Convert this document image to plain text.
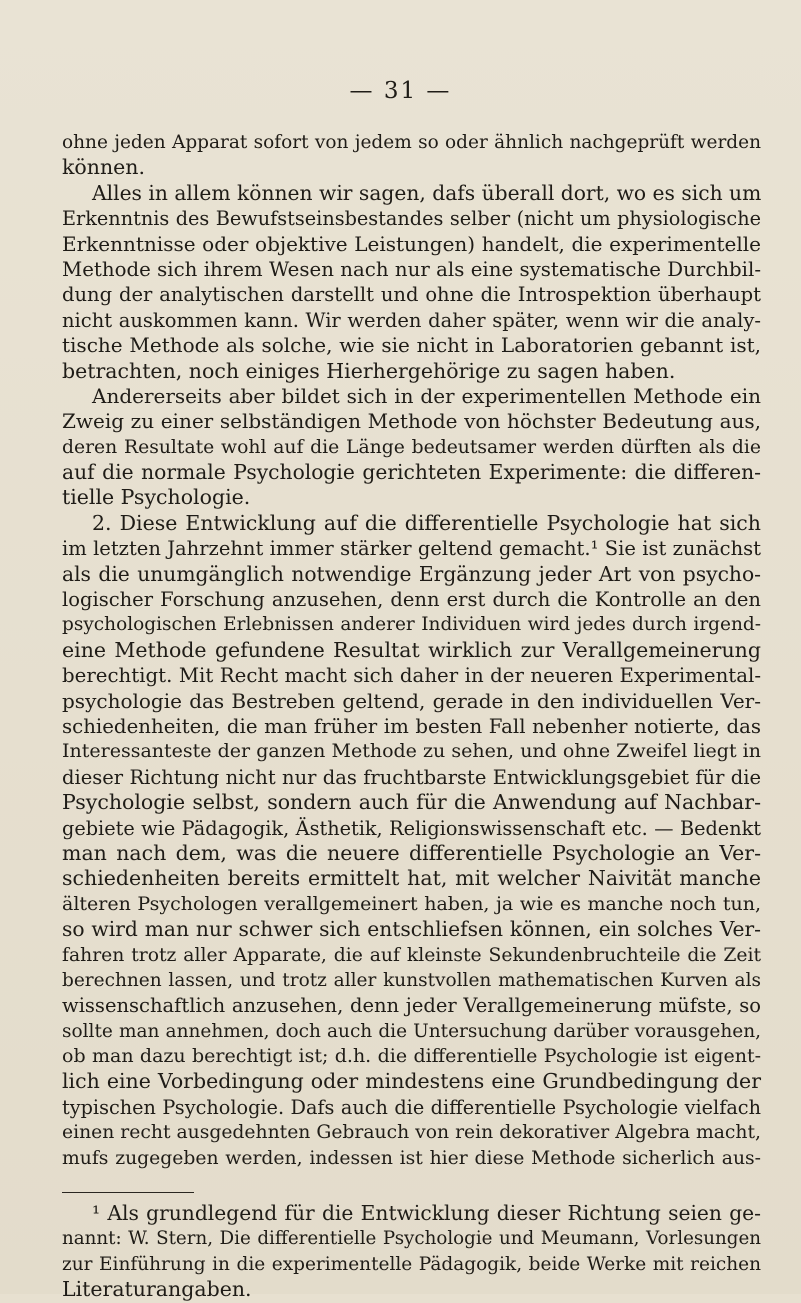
— 31 —
ohne jeden Apparat sofort von jedem so oder ähnlich nachgeprüft werden
können.
Alles in allem können wir sagen, dafs überall dort, wo es sich um
Erkenntnis des Bewufstseinsbestandes selber (nicht um physiologische
Erkenntnisse oder objektive Leistungen) handelt, die experimentelle
Methode sich ihrem Wesen nach nur als eine systematische Durchbil-
dung der analytischen darstellt und ohne die Introspektion überhaupt
nicht auskommen kann. Wir werden daher später, wenn wir die analy-
tische Methode als solche, wie sie nicht in Laboratorien gebannt ist,
betrachten, noch einiges Hierhergehörige zu sagen haben.
Andererseits aber bildet sich in der experimentellen Methode ein
Zweig zu einer selbständigen Methode von höchster Bedeutung aus,
deren Resultate wohl auf die Länge bedeutsamer werden dürften als die
auf die normale Psychologie gerichteten Experimente: die differen-
tielle Psychologie.
2. Diese Entwicklung auf die differentielle Psychologie hat sich
im letzten Jahrzehnt immer stärker geltend gemacht.¹ Sie ist zunächst
als die unumgänglich notwendige Ergänzung jeder Art von psycho-
logischer Forschung anzusehen, denn erst durch die Kontrolle an den
psychologischen Erlebnissen anderer Individuen wird jedes durch irgend-
eine Methode gefundene Resultat wirklich zur Verallgemeinerung
berechtigt. Mit Recht macht sich daher in der neueren Experimental-
psychologie das Bestreben geltend, gerade in den individuellen Ver-
schiedenheiten, die man früher im besten Fall nebenher notierte, das
Interessanteste der ganzen Methode zu sehen, und ohne Zweifel liegt in
dieser Richtung nicht nur das fruchtbarste Entwicklungsgebiet für die
Psychologie selbst, sondern auch für die Anwendung auf Nachbar-
gebiete wie Pädagogik, Ästhetik, Religionswissenschaft etc. — Bedenkt
man nach dem, was die neuere differentielle Psychologie an Ver-
schiedenheiten bereits ermittelt hat, mit welcher Naivität manche
älteren Psychologen verallgemeinert haben, ja wie es manche noch tun,
so wird man nur schwer sich entschliefsen können, ein solches Ver-
fahren trotz aller Apparate, die auf kleinste Sekundenbruchteile die Zeit
berechnen lassen, und trotz aller kunstvollen mathematischen Kurven als
wissenschaftlich anzusehen, denn jeder Verallgemeinerung müfste, so
sollte man annehmen, doch auch die Untersuchung darüber vorausgehen,
ob man dazu berechtigt ist; d.h. die differentielle Psychologie ist eigent-
lich eine Vorbedingung oder mindestens eine Grundbedingung der
typischen Psychologie. Dafs auch die differentielle Psychologie vielfach
einen recht ausgedehnten Gebrauch von rein dekorativer Algebra macht,
mufs zugegeben werden, indessen ist hier diese Methode sicherlich aus-
¹ Als grundlegend für die Entwicklung dieser Richtung seien ge-
nannt: W. Stern, Die differentielle Psychologie und Meumann, Vorlesungen
zur Einführung in die experimentelle Pädagogik, beide Werke mit reichen
Literaturangaben.
